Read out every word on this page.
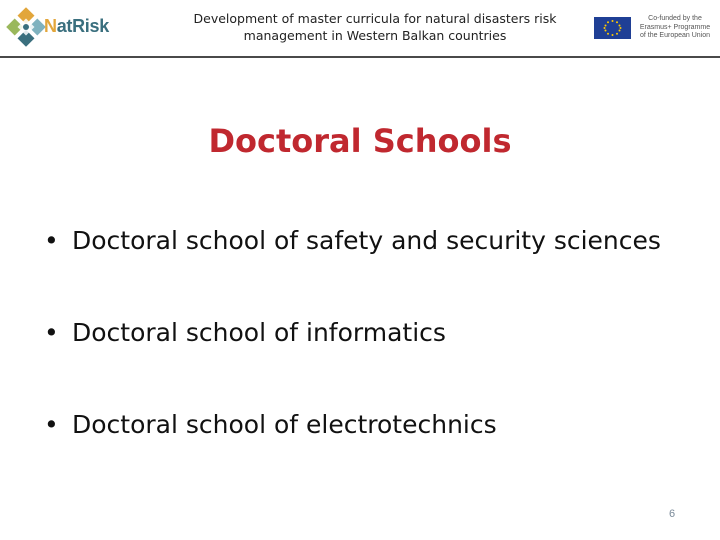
NatRisk	Development of master curricula for natural disasters risk management in Western Balkan countries
Co-funded by the
Erasmus+ Programme
of the European Union
Doctoral Schools
• Doctoral school of safety and security sciences
• Doctoral school of informatics
• Doctoral school of electrotechnics
6
